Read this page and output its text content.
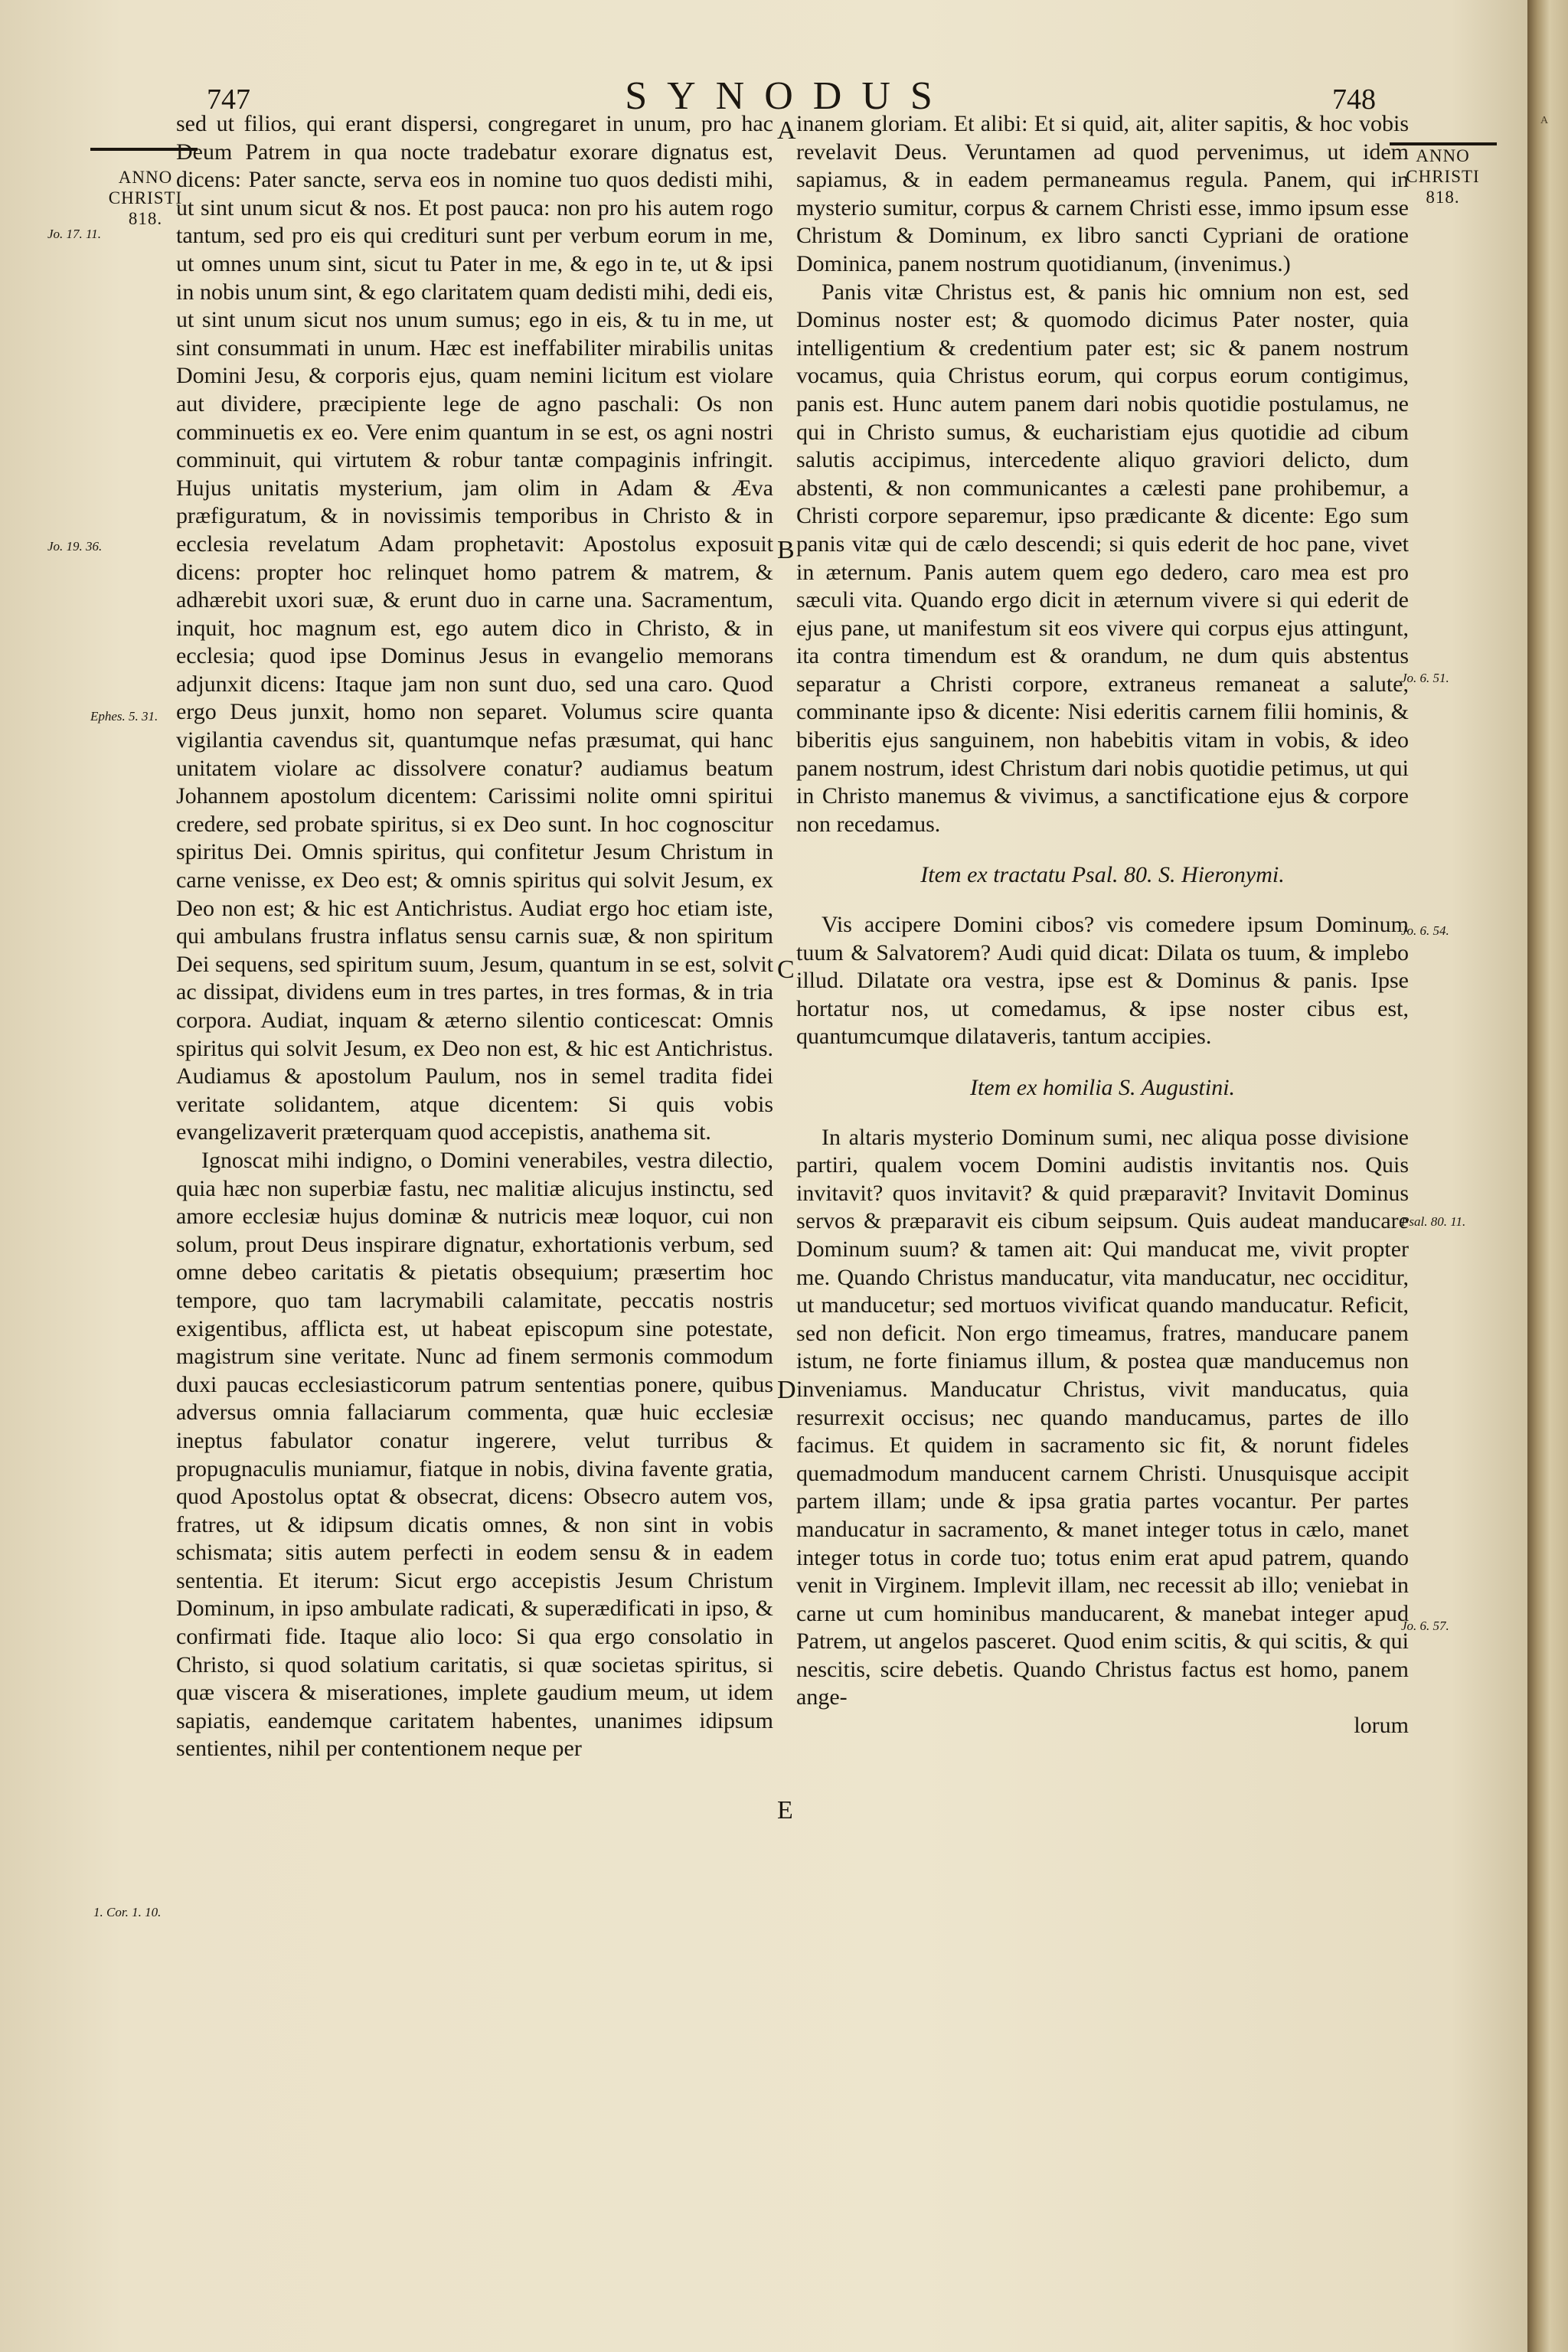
A
747	SYNODUS	748
ANNO
CHRISTI
818.
ANNO
CHRISTI
818.
Jo. 17. 11.
Jo. 19. 36.
Ephes. 5. 31.
1. Cor. 1. 10.
Jo. 6. 51.
Jo. 6. 54.
Psal. 80. 11.
Jo. 6. 57.
A
B
C
D
E

sed ut filios, qui erant dispersi, congregaret in unum, pro hac Deum Patrem in qua nocte tradebatur exorare dignatus est, dicens: Pater sancte, serva eos in nomine tuo quos dedisti mihi, ut sint unum sicut & nos. Et post pauca: non pro his autem rogo tantum, sed pro eis qui credituri sunt per verbum eorum in me, ut omnes unum sint, sicut tu Pater in me, & ego in te, ut & ipsi in nobis unum sint, & ego claritatem quam dedisti mihi, dedi eis, ut sint unum sicut nos unum sumus; ego in eis, & tu in me, ut sint consummati in unum. Hæc est ineffabiliter mirabilis unitas Domini Jesu, & corporis ejus, quam nemini licitum est violare aut dividere, præcipiente lege de agno paschali: Os non comminuetis ex eo. Vere enim quantum in se est, os agni nostri comminuit, qui virtutem & robur tantæ compaginis infringit. Hujus unitatis mysterium, jam olim in Adam & Æva præfiguratum, & in novissimis temporibus in Christo & in ecclesia revelatum Adam prophetavit: Apostolus exposuit dicens: propter hoc relinquet homo patrem & matrem, & adhærebit uxori suæ, & erunt duo in carne una. Sacramentum, inquit, hoc magnum est, ego autem dico in Christo, & in ecclesia; quod ipse Dominus Jesus in evangelio memorans adjunxit dicens: Itaque jam non sunt duo, sed una caro. Quod ergo Deus junxit, homo non separet. Volumus scire quanta vigilantia cavendus sit, quantumque nefas præsumat, qui hanc unitatem violare ac dissolvere conatur? audiamus beatum Johannem apostolum dicentem: Carissimi nolite omni spiritui credere, sed probate spiritus, si ex Deo sunt. In hoc cognoscitur spiritus Dei. Omnis spiritus, qui confitetur Jesum Christum in carne venisse, ex Deo est; & omnis spiritus qui solvit Jesum, ex Deo non est; & hic est Antichristus. Audiat ergo hoc etiam iste, qui ambulans frustra inflatus sensu carnis suæ, & non spiritum Dei sequens, sed spiritum suum, Jesum, quantum in se est, solvit ac dissipat, dividens eum in tres partes, in tres formas, & in tria corpora. Audiat, inquam & æterno silentio conticescat: Omnis spiritus qui solvit Jesum, ex Deo non est, & hic est Antichristus. Audiamus & apostolum Paulum, nos in semel tradita fidei veritate solidantem, atque dicentem: Si quis vobis evangelizaverit præterquam quod accepistis, anathema sit.

Ignoscat mihi indigno, o Domini venerabiles, vestra dilectio, quia hæc non superbiæ fastu, nec malitiæ alicujus instinctu, sed amore ecclesiæ hujus dominæ & nutricis meæ loquor, cui non solum, prout Deus inspirare dignatur, exhortationis verbum, sed omne debeo caritatis & pietatis obsequium; præsertim hoc tempore, quo tam lacrymabili calamitate, peccatis nostris exigentibus, afflicta est, ut habeat episcopum sine potestate, magistrum sine veritate. Nunc ad finem sermonis commodum duxi paucas ecclesiasticorum patrum sententias ponere, quibus adversus omnia fallaciarum commenta, quæ huic ecclesiæ ineptus fabulator conatur ingerere, velut turribus & propugnaculis muniamur, fiatque in nobis, divina favente gratia, quod Apostolus optat & obsecrat, dicens: Obsecro autem vos, fratres, ut & idipsum dicatis omnes, & non sint in vobis schismata; sitis autem perfecti in eodem sensu & in eadem sententia. Et iterum: Sicut ergo accepistis Jesum Christum Dominum, in ipso ambulate radicati, & superædificati in ipso, & confirmati fide. Itaque alio loco: Si qua ergo consolatio in Christo, si quod solatium caritatis, si quæ societas spiritus, si quæ viscera & miserationes, implete gaudium meum, ut idem sapiatis, eandemque caritatem habentes, unanimes idipsum sentientes, nihil per contentionem neque per

inanem gloriam. Et alibi: Et si quid, ait, aliter sapitis, & hoc vobis revelavit Deus. Veruntamen ad quod pervenimus, ut idem sapiamus, & in eadem permaneamus regula. Panem, qui in mysterio sumitur, corpus & carnem Christi esse, immo ipsum esse Christum & Dominum, ex libro sancti Cypriani de oratione Dominica, panem nostrum quotidianum, (invenimus.)

Panis vitæ Christus est, & panis hic omnium non est, sed Dominus noster est; & quomodo dicimus Pater noster, quia intelligentium & credentium pater est; sic & panem nostrum vocamus, quia Christus eorum, qui corpus eorum contigimus, panis est. Hunc autem panem dari nobis quotidie postulamus, ne qui in Christo sumus, & eucharistiam ejus quotidie ad cibum salutis accipimus, intercedente aliquo graviori delicto, dum abstenti, & non communicantes a cælesti pane prohibemur, a Christi corpore separemur, ipso prædicante & dicente: Ego sum panis vitæ qui de cælo descendi; si quis ederit de hoc pane, vivet in æternum. Panis autem quem ego dedero, caro mea est pro sæculi vita. Quando ergo dicit in æternum vivere si qui ederit de ejus pane, ut manifestum sit eos vivere qui corpus ejus attingunt, ita contra timendum est & orandum, ne dum quis abstentus separatur a Christi corpore, extraneus remaneat a salute, comminante ipso & dicente: Nisi ederitis carnem filii hominis, & biberitis ejus sanguinem, non habebitis vitam in vobis, & ideo panem nostrum, idest Christum dari nobis quotidie petimus, ut qui in Christo manemus & vivimus, a sanctificatione ejus & corpore non recedamus.

Item ex tractatu Psal. 80. S. Hieronymi.

Vis accipere Domini cibos? vis comedere ipsum Dominum tuum & Salvatorem? Audi quid dicat: Dilata os tuum, & implebo illud. Dilatate ora vestra, ipse est & Dominus & panis. Ipse hortatur nos, ut comedamus, & ipse noster cibus est, quantumcumque dilataveris, tantum accipies.

Item ex homilia S. Augustini.

In altaris mysterio Dominum sumi, nec aliqua posse divisione partiri, qualem vocem Domini audistis invitantis nos. Quis invitavit? quos invitavit? & quid præparavit? Invitavit Dominus servos & præparavit eis cibum seipsum. Quis audeat manducare Dominum suum? & tamen ait: Qui manducat me, vivit propter me. Quando Christus manducatur, vita manducatur, nec occiditur, ut manducetur; sed mortuos vivificat quando manducatur. Reficit, sed non deficit. Non ergo timeamus, fratres, manducare panem istum, ne forte finiamus illum, & postea quæ manducemus non inveniamus. Manducatur Christus, vivit manducatus, quia resurrexit occisus; nec quando manducamus, partes de illo facimus. Et quidem in sacramento sic fit, & norunt fideles quemadmodum manducent carnem Christi. Unusquisque accipit partem illam; unde & ipsa gratia partes vocantur. Per partes manducatur in sacramento, & manet integer totus in cælo, manet integer totus in corde tuo; totus enim erat apud patrem, quando venit in Virginem. Implevit illam, nec recessit ab illo; veniebat in carne ut cum hominibus manducarent, & manebat integer apud Patrem, ut angelos pasceret. Quod enim scitis, & qui scitis, & qui nescitis, scire debetis. Quando Christus factus est homo, panem ange-

lorum
